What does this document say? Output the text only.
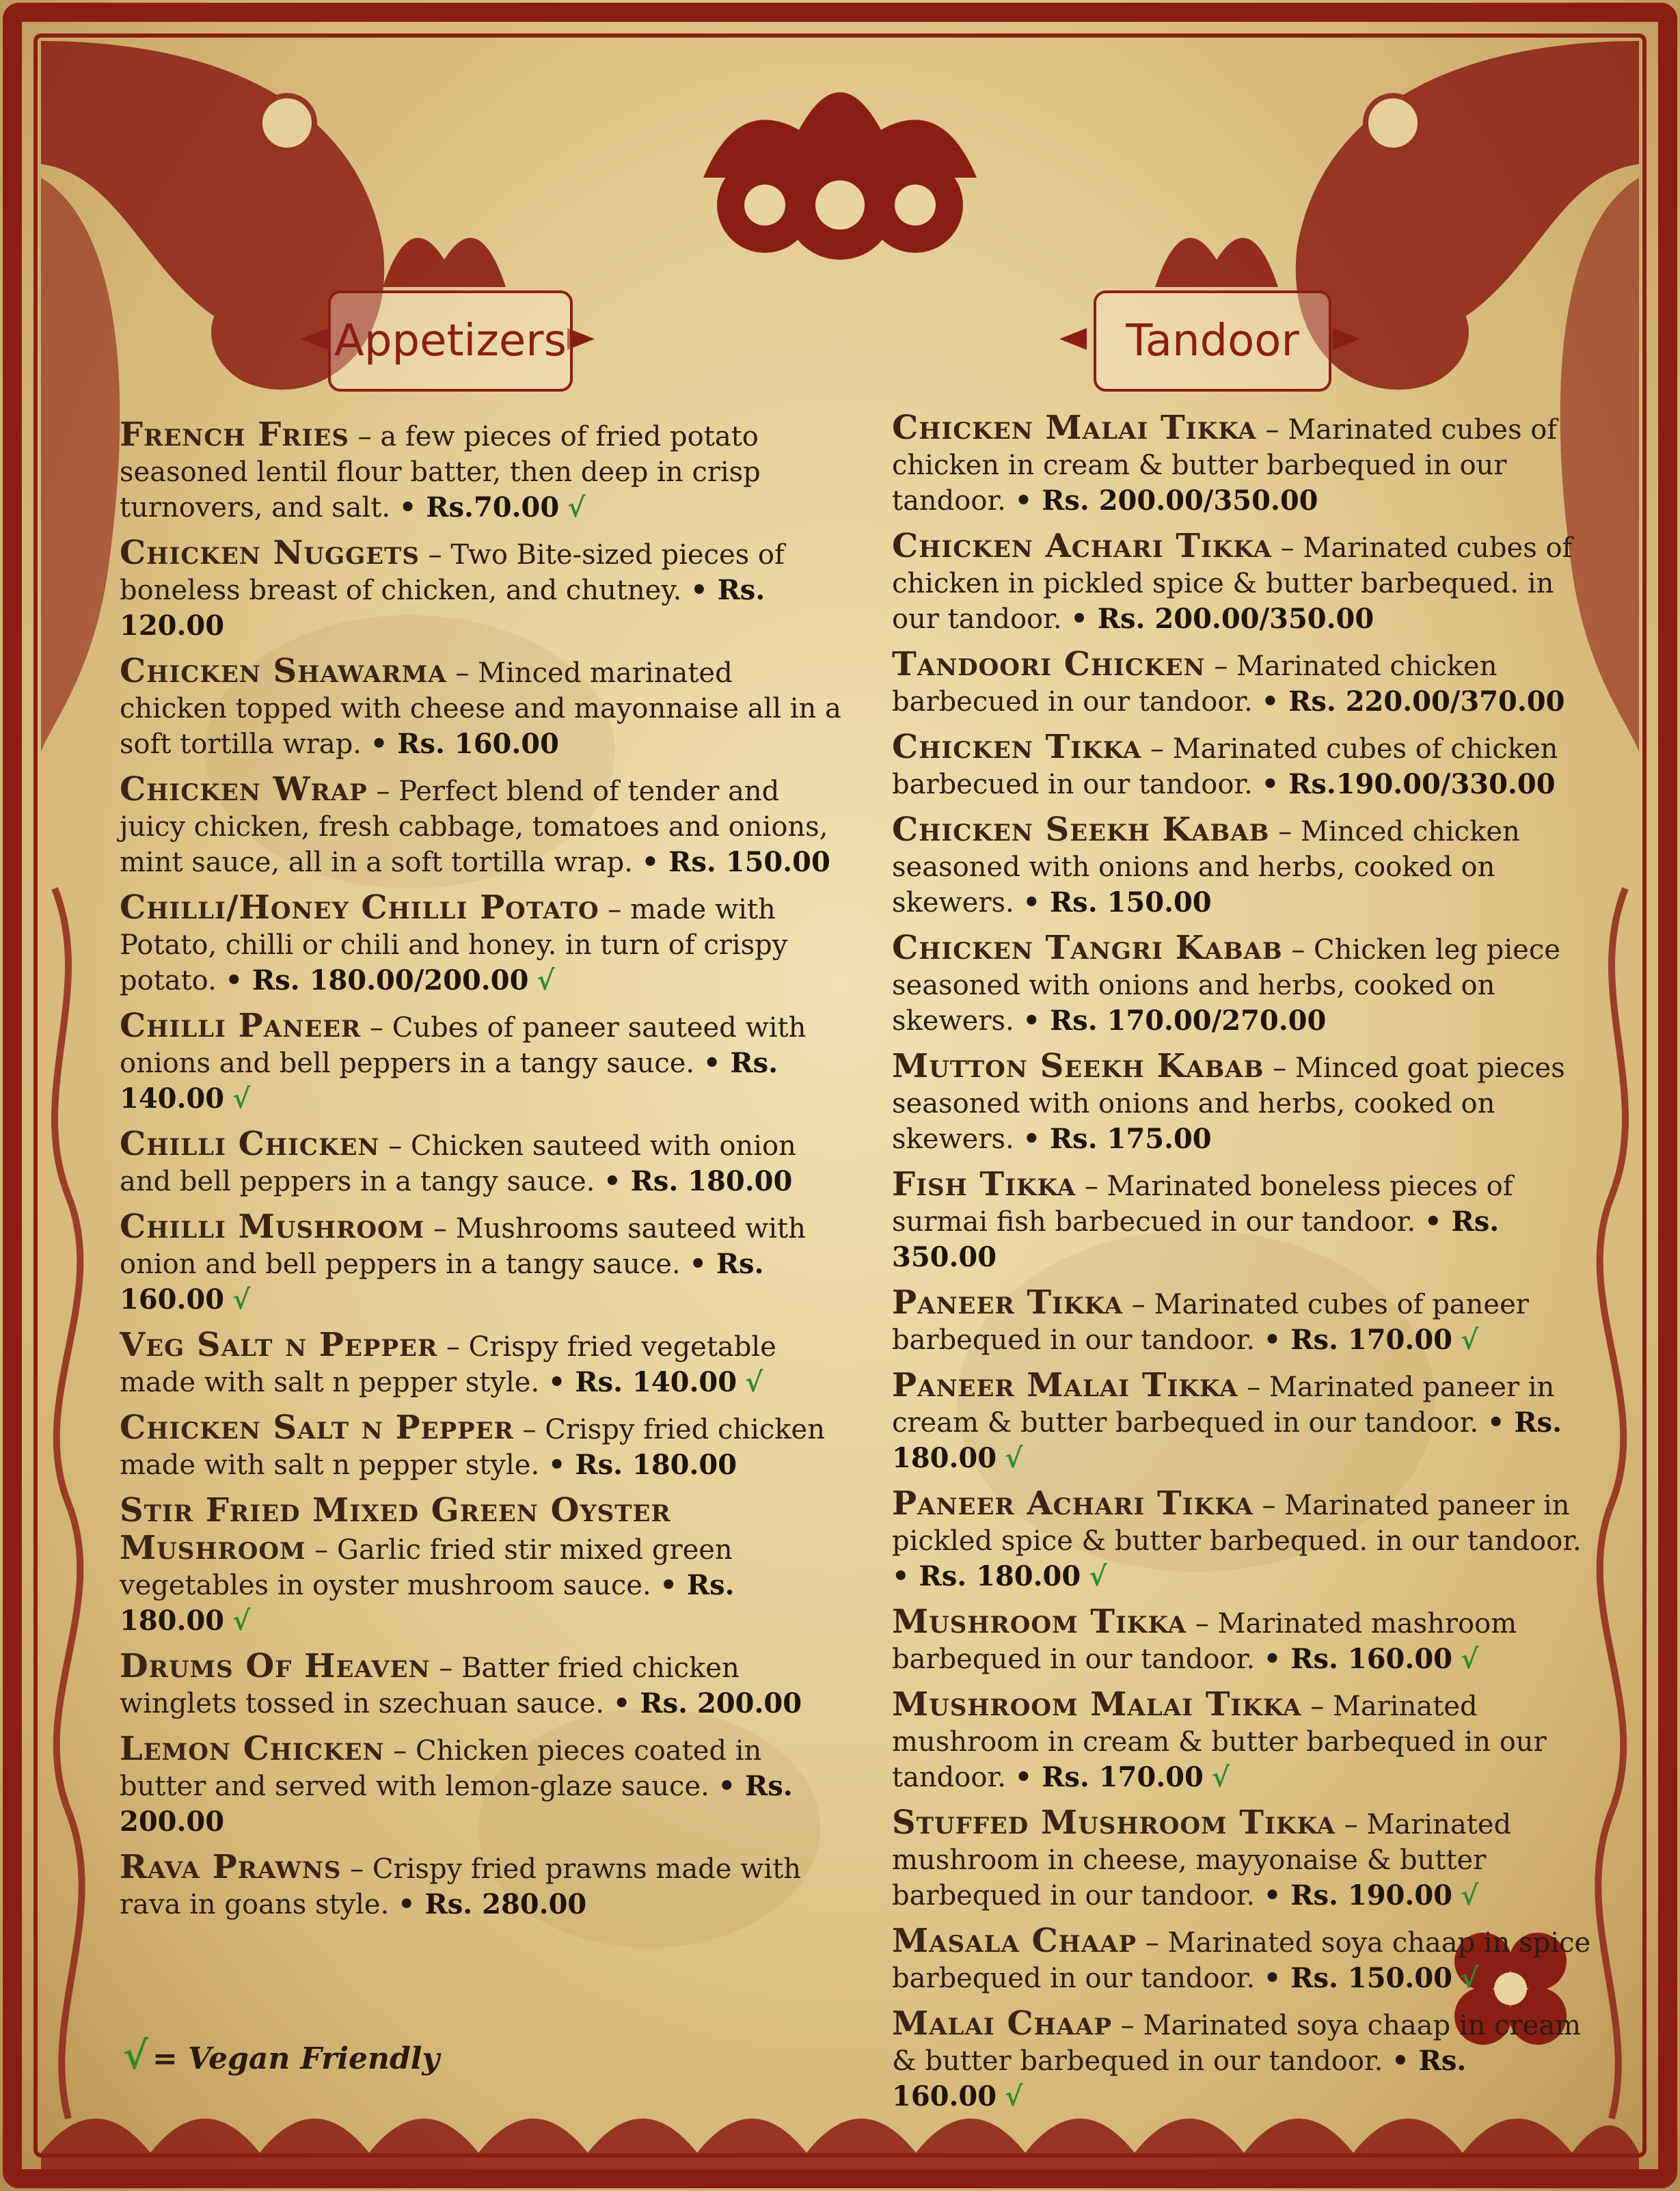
Appetizers	Tandoor

French Fries – a few pieces of fried potato seasoned lentil flour batter, then deep in crisp turnovers, and salt. • Rs.70.00 √

Chicken Nuggets – Two Bite-sized pieces of boneless breast of chicken, and chutney. • Rs. 120.00

Chicken Shawarma – Minced marinated chicken topped with cheese and mayonnaise all in a soft tortilla wrap. • Rs. 160.00

Chicken Wrap – Perfect blend of tender and juicy chicken, fresh cabbage, tomatoes and onions, mint sauce, all in a soft tortilla wrap. • Rs. 150.00

Chilli/Honey Chilli Potato – made with Potato, chilli or chili and honey. in turn of crispy potato. • Rs. 180.00/200.00 √

Chilli Paneer – Cubes of paneer sauteed with onions and bell peppers in a tangy sauce. • Rs. 140.00 √

Chilli Chicken – Chicken sauteed with onion and bell peppers in a tangy sauce. • Rs. 180.00

Chilli Mushroom – Mushrooms sauteed with onion and bell peppers in a tangy sauce. • Rs. 160.00 √

Veg Salt n Pepper – Crispy fried vegetable made with salt n pepper style. • Rs. 140.00 √

Chicken Salt n Pepper – Crispy fried chicken made with salt n pepper style. • Rs. 180.00

Stir Fried Mixed Green Oyster Mushroom – Garlic fried stir mixed green vegetables in oyster mushroom sauce. • Rs. 180.00 √

Drums Of Heaven – Batter fried chicken winglets tossed in szechuan sauce. • Rs. 200.00

Lemon Chicken – Chicken pieces coated in butter and served with lemon-glaze sauce. • Rs. 200.00

Rava Prawns – Crispy fried prawns made with rava in goans style. • Rs. 280.00

Chicken Malai Tikka – Marinated cubes of chicken in cream & butter barbequed in our tandoor. • Rs. 200.00/350.00

Chicken Achari Tikka – Marinated cubes of chicken in pickled spice & butter barbequed. in our tandoor. • Rs. 200.00/350.00

Tandoori Chicken – Marinated chicken barbecued in our tandoor. • Rs. 220.00/370.00

Chicken Tikka – Marinated cubes of chicken barbecued in our tandoor. • Rs.190.00/330.00

Chicken Seekh Kabab – Minced chicken seasoned with onions and herbs, cooked on skewers. • Rs. 150.00

Chicken Tangri Kabab – Chicken leg piece seasoned with onions and herbs, cooked on skewers. • Rs. 170.00/270.00

Mutton Seekh Kabab – Minced goat pieces seasoned with onions and herbs, cooked on skewers. • Rs. 175.00

Fish Tikka – Marinated boneless pieces of surmai fish barbecued in our tandoor. • Rs. 350.00

Paneer Tikka – Marinated cubes of paneer barbequed in our tandoor. • Rs. 170.00 √

Paneer Malai Tikka – Marinated paneer in cream & butter barbequed in our tandoor. • Rs. 180.00 √

Paneer Achari Tikka – Marinated paneer in pickled spice & butter barbequed. in our tandoor. • Rs. 180.00 √

Mushroom Tikka – Marinated mashroom barbequed in our tandoor. • Rs. 160.00 √

Mushroom Malai Tikka – Marinated mushroom in cream & butter barbequed in our tandoor. • Rs. 170.00 √

Stuffed Mushroom Tikka – Marinated mushroom in cheese, mayyonaise & butter barbequed in our tandoor. • Rs. 190.00 √

Masala Chaap – Marinated soya chaap in spice barbequed in our tandoor. • Rs. 150.00 √

Malai Chaap – Marinated soya chaap in cream & butter barbequed in our tandoor. • Rs. 160.00 √

√ = Vegan Friendly
